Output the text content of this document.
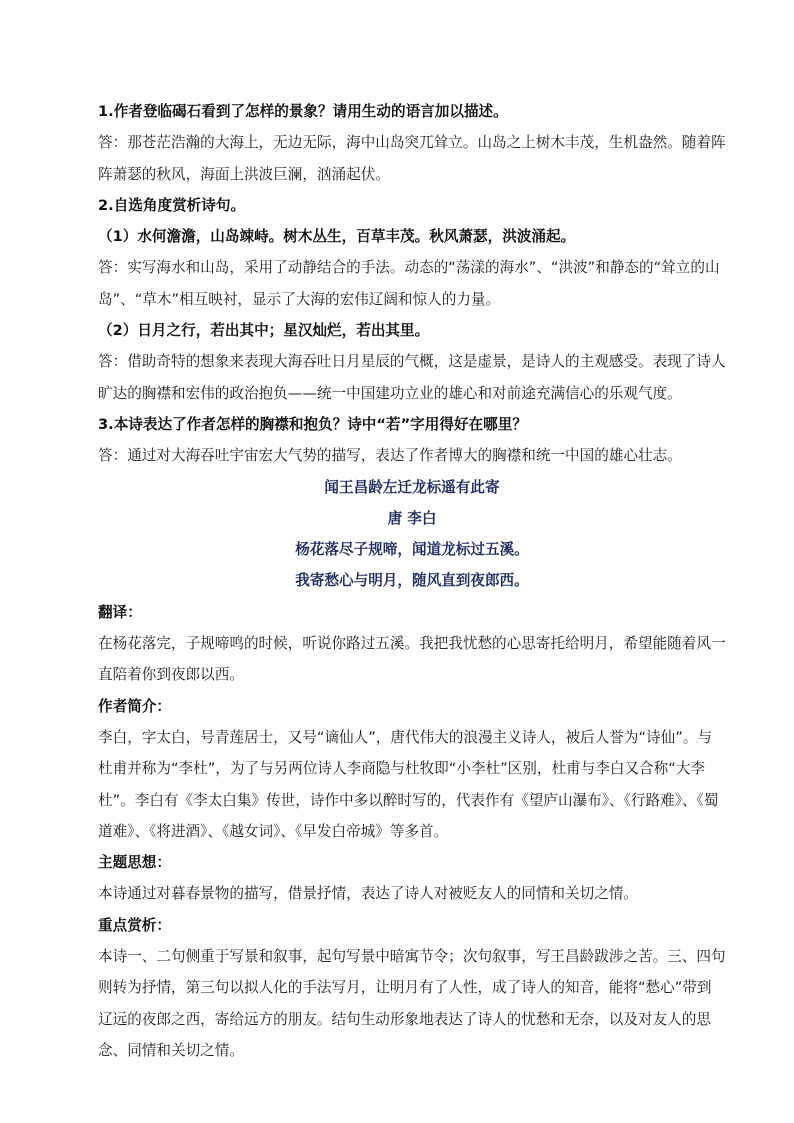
1.作者登临碣石看到了怎样的景象？请用生动的语言加以描述。

答：那苍茫浩瀚的大海上，无边无际，海中山岛突兀耸立。山岛之上树木丰茂，生机盎然。随着阵阵萧瑟的秋风，海面上洪波巨澜，汹涌起伏。

2.自选角度赏析诗句。

（1）水何澹澹，山岛竦峙。树木丛生，百草丰茂。秋风萧瑟，洪波涌起。

答：实写海水和山岛，采用了动静结合的手法。动态的“荡漾的海水”、“洪波”和静态的“耸立的山岛”、“草木”相互映衬，显示了大海的宏伟辽阔和惊人的力量。

（2）日月之行，若出其中；星汉灿烂，若出其里。

答：借助奇特的想象来表现大海吞吐日月星辰的气概，这是虚景，是诗人的主观感受。表现了诗人旷达的胸襟和宏伟的政治抱负——统一中国建功立业的雄心和对前途充满信心的乐观气度。

3.本诗表达了作者怎样的胸襟和抱负？诗中“若”字用得好在哪里？

答：通过对大海吞吐宇宙宏大气势的描写，表达了作者博大的胸襟和统一中国的雄心壮志。

闻王昌龄左迁龙标遥有此寄

唐 李白

杨花落尽子规啼，闻道龙标过五溪。

我寄愁心与明月，随风直到夜郎西。

翻译：

在杨花落完，子规啼鸣的时候，听说你路过五溪。我把我忧愁的心思寄托给明月，希望能随着风一直陪着你到夜郎以西。

作者简介：

李白，字太白，号青莲居士，又号“谪仙人”，唐代伟大的浪漫主义诗人，被后人誉为“诗仙”。与杜甫并称为“李杜”，为了与另两位诗人李商隐与杜牧即“小李杜”区别，杜甫与李白又合称“大李杜”。李白有《李太白集》传世，诗作中多以醉时写的，代表作有《望庐山瀑布》、《行路难》、《蜀道难》、《将进酒》、《越女词》、《早发白帝城》等多首。

主题思想：

本诗通过对暮春景物的描写，借景抒情，表达了诗人对被贬友人的同情和关切之情。

重点赏析：

本诗一、二句侧重于写景和叙事，起句写景中暗寓节令；次句叙事，写王昌龄跋涉之苦。三、四句则转为抒情，第三句以拟人化的手法写月，让明月有了人性，成了诗人的知音，能将“愁心”带到辽远的夜郎之西，寄给远方的朋友。结句生动形象地表达了诗人的忧愁和无奈，以及对友人的思念、同情和关切之情。
